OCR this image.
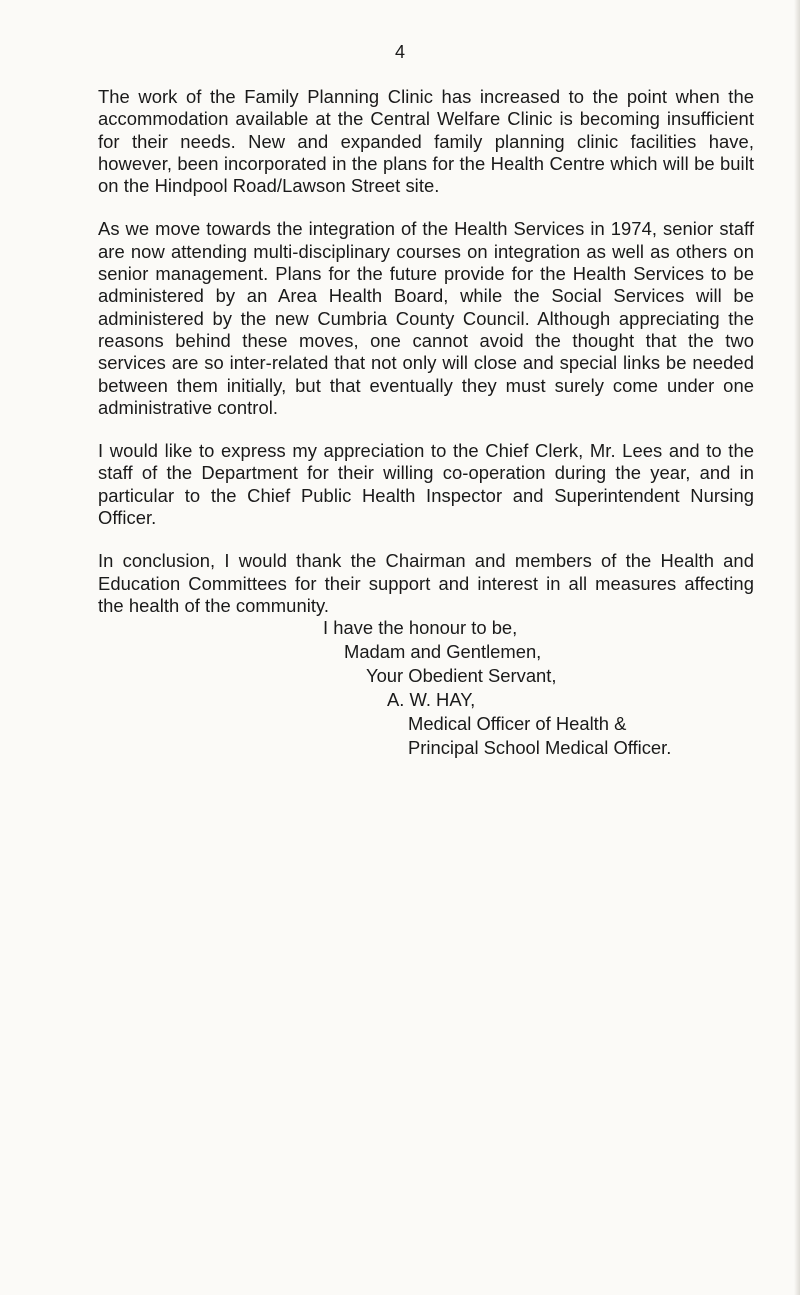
4

The work of the Family Planning Clinic has increased to the point when the accommodation available at the Central Welfare Clinic is becoming insufficient for their needs. New and expanded family planning clinic facilities have, however, been incorporated in the plans for the Health Centre which will be built on the Hindpool Road/Lawson Street site.

As we move towards the integration of the Health Services in 1974, senior staff are now attending multi-disciplinary courses on integration as well as others on senior management. Plans for the future provide for the Health Services to be administered by an Area Health Board, while the Social Services will be administered by the new Cumbria County Council. Although appreciating the reasons behind these moves, one cannot avoid the thought that the two services are so inter-related that not only will close and special links be needed between them initially, but that eventually they must surely come under one administrative control.

I would like to express my appreciation to the Chief Clerk, Mr. Lees and to the staff of the Department for their willing co-operation during the year, and in particular to the Chief Public Health Inspector and Superintendent Nursing Officer.

In conclusion, I would thank the Chairman and members of the Health and Education Committees for their support and interest in all measures affecting the health of the community.

I have the honour to be,
Madam and Gentlemen,
Your Obedient Servant,
A. W. HAY,
Medical Officer of Health &
Principal School Medical Officer.
